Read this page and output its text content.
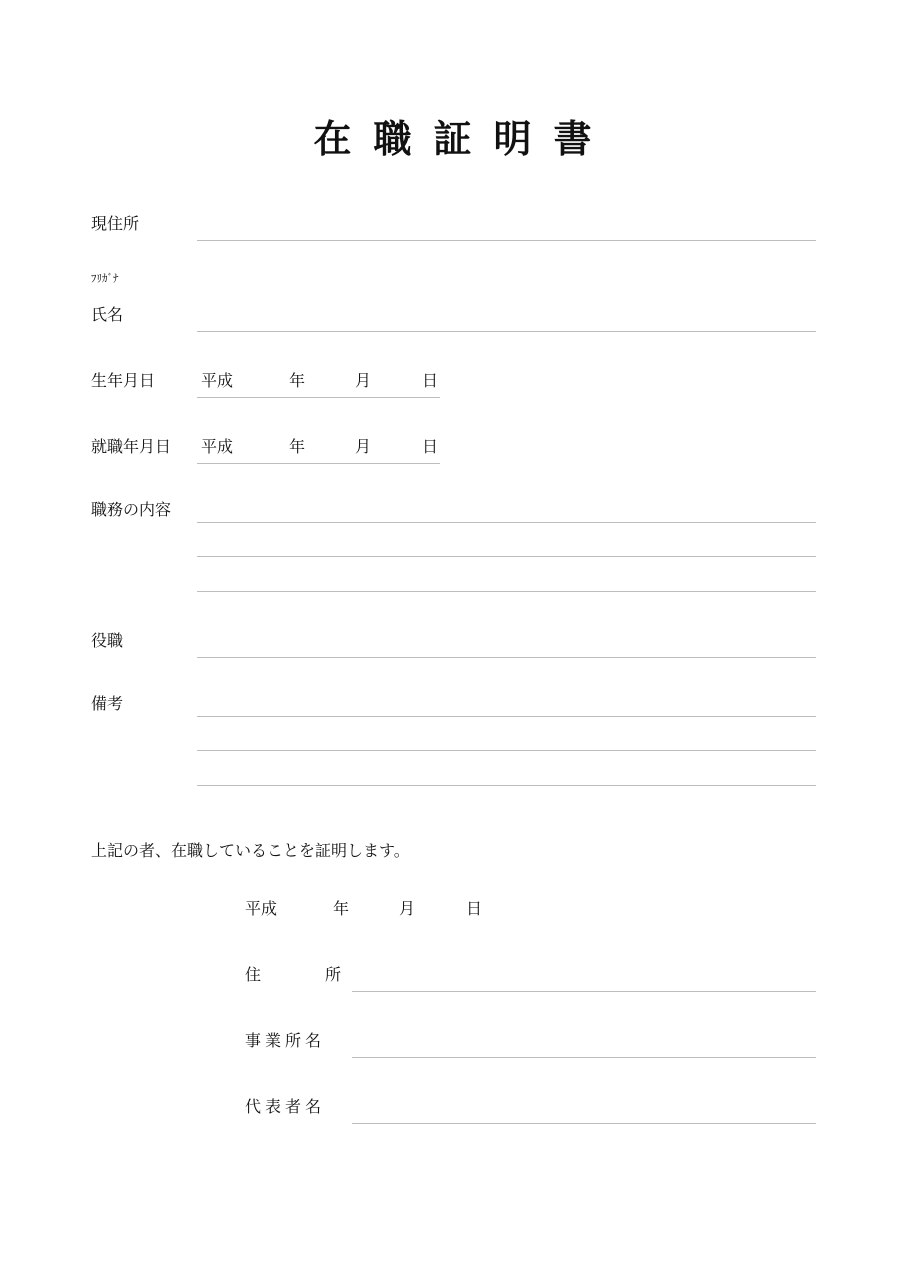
在職証明書
現住所
ﾌﾘｶﾞﾅ
氏名
生年月日	平成	年	月	日
就職年月日 平成	年	月	日
職務の内容
役職
備考
上記の者、在職していることを証明します。
平成	年	月	日
住　　　所
事業所名
代表者名
